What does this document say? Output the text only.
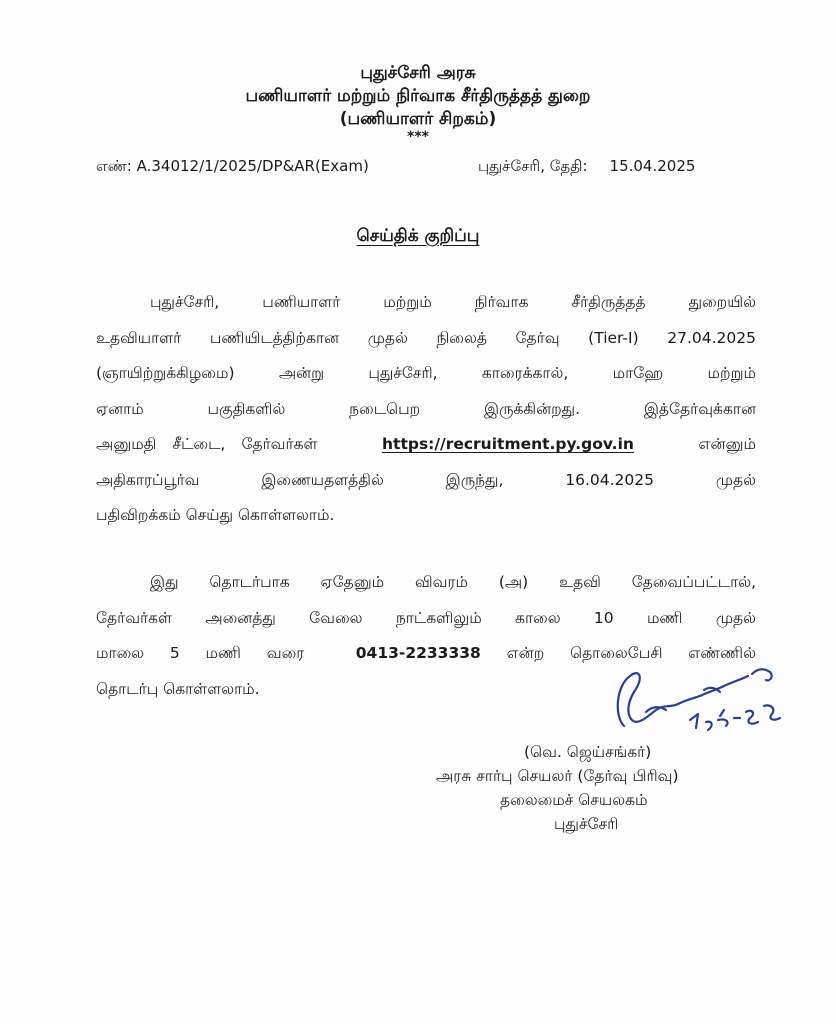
புதுச்சேரி அரசு
பணியாளர் மற்றும் நிர்வாக சீர்திருத்தத் துறை
(பணியாளர் சிறகம்)
***
எண்: A.34012/1/2025/DP&AR(Exam)	புதுச்சேரி, தேதி: 15.04.2025
செய்திக் குறிப்பு
புதுச்சேரி, பணியாளர் மற்றும் நிர்வாக சீர்திருத்தத் துறையில்
உதவியாளர் பணியிடத்திற்கான முதல் நிலைத் தேர்வு (Tier-I) 27.04.2025
(ஞாயிற்றுக்கிழமை) அன்று புதுச்சேரி, காரைக்கால், மாஹே மற்றும்
ஏனாம் பகுதிகளில் நடைபெற இருக்கின்றது. இத்தேர்வுக்கான
அனுமதி சீட்டை, தேர்வர்கள்	https://recruitment.py.gov.in	என்னும்
அதிகாரப்பூர்வ இணையதளத்தில் இருந்து, 16.04.2025 முதல்
பதிவிறக்கம் செய்து கொள்ளலாம்.
இது தொடர்பாக ஏதேனும் விவரம் (அ) உதவி தேவைப்பட்டால்,
தேர்வர்கள் அனைத்து வேலை நாட்களிலும் காலை 10 மணி முதல்
மாலை 5 மணி வரை	0413-2233338 என்ற தொலைபேசி எண்ணில்
தொடர்பு கொள்ளலாம்.
(வெ. ஜெய்சங்கர்)
அரசு சார்பு செயலர் (தேர்வு பிரிவு)
தலைமைச் செயலகம்
புதுச்சேரி
